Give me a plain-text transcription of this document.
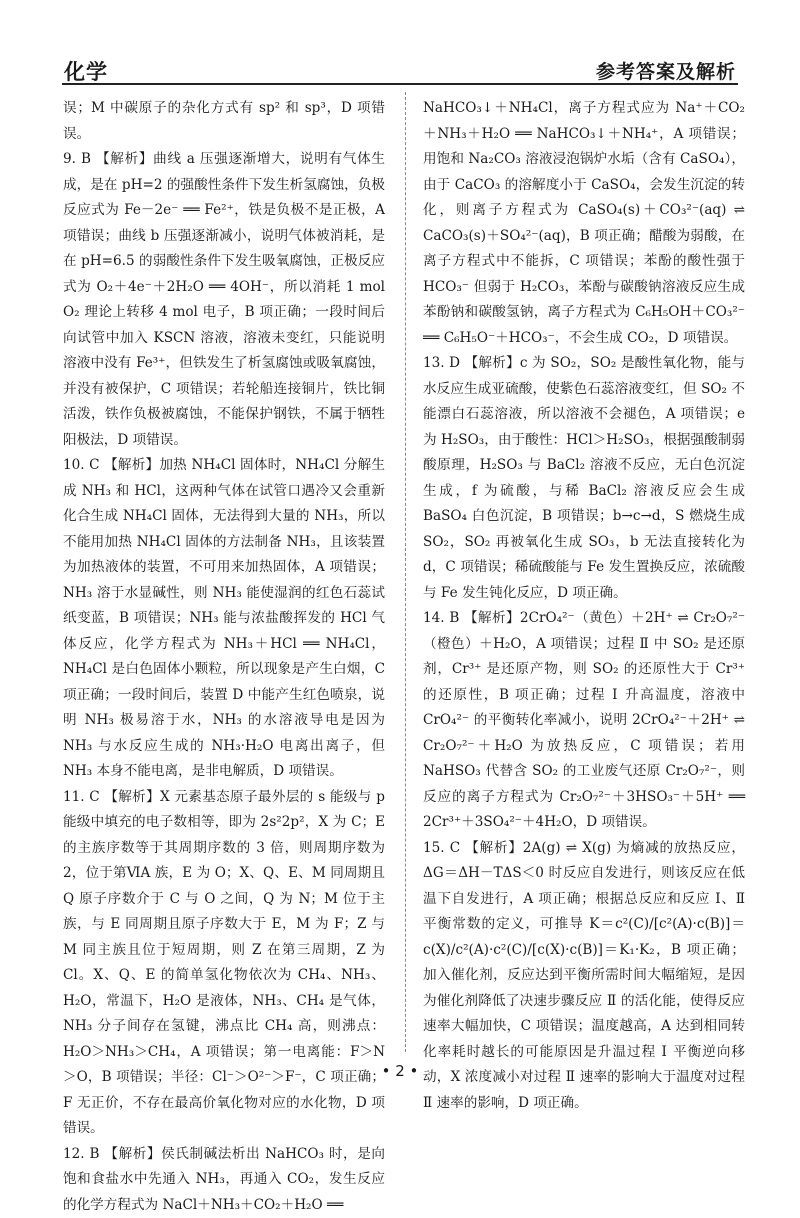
化学	参考答案及解析
误；M 中碳原子的杂化方式有 sp² 和 sp³，D 项错误。
9. B 【解析】曲线 a 压强逐渐增大，说明有气体生成，是在 pH=2 的强酸性条件下发生析氢腐蚀，负极反应式为 Fe－2e⁻ ══ Fe²⁺，铁是负极不是正极，A 项错误；曲线 b 压强逐渐减小，说明气体被消耗，是在 pH=6.5 的弱酸性条件下发生吸氧腐蚀，正极反应式为 O₂＋4e⁻＋2H₂O ══ 4OH⁻，所以消耗 1 mol O₂ 理论上转移 4 mol 电子，B 项正确；一段时间后向试管中加入 KSCN 溶液，溶液未变红，只能说明溶液中没有 Fe³⁺，但铁发生了析氢腐蚀或吸氧腐蚀，并没有被保护，C 项错误；若轮船连接铜片，铁比铜活泼，铁作负极被腐蚀，不能保护钢铁，不属于牺牲阳极法，D 项错误。
10. C 【解析】加热 NH₄Cl 固体时，NH₄Cl 分解生成 NH₃ 和 HCl，这两种气体在试管口遇冷又会重新化合生成 NH₄Cl 固体，无法得到大量的 NH₃，所以不能用加热 NH₄Cl 固体的方法制备 NH₃，且该装置为加热液体的装置，不可用来加热固体，A 项错误；NH₃ 溶于水显碱性，则 NH₃ 能使湿润的红色石蕊试纸变蓝，B 项错误；NH₃ 能与浓盐酸挥发的 HCl 气体反应，化学方程式为 NH₃＋HCl ══ NH₄Cl，NH₄Cl 是白色固体小颗粒，所以现象是产生白烟，C 项正确；一段时间后，装置 D 中能产生红色喷泉，说明 NH₃ 极易溶于水，NH₃ 的水溶液导电是因为 NH₃ 与水反应生成的 NH₃·H₂O 电离出离子，但 NH₃ 本身不能电离，是非电解质，D 项错误。
11. C 【解析】X 元素基态原子最外层的 s 能级与 p 能级中填充的电子数相等，即为 2s²2p²，X 为 C；E 的主族序数等于其周期序数的 3 倍，则周期序数为 2，位于第ⅥA 族，E 为 O；X、Q、E、M 同周期且 Q 原子序数介于 C 与 O 之间，Q 为 N；M 位于主族，与 E 同周期且原子序数大于 E，M 为 F；Z 与 M 同主族且位于短周期，则 Z 在第三周期，Z 为 Cl。X、Q、E 的简单氢化物依次为 CH₄、NH₃、H₂O，常温下，H₂O 是液体，NH₃、CH₄ 是气体，NH₃ 分子间存在氢键，沸点比 CH₄ 高，则沸点：H₂O＞NH₃＞CH₄，A 项错误；第一电离能：F＞N＞O，B 项错误；半径：Cl⁻＞O²⁻＞F⁻，C 项正确；F 无正价，不存在最高价氧化物对应的水化物，D 项错误。
12. B 【解析】侯氏制碱法析出 NaHCO₃ 时，是向饱和食盐水中先通入 NH₃，再通入 CO₂，发生反应的化学方程式为 NaCl＋NH₃＋CO₂＋H₂O ══
NaHCO₃↓＋NH₄Cl，离子方程式应为 Na⁺＋CO₂＋NH₃＋H₂O ══ NaHCO₃↓＋NH₄⁺，A 项错误；用饱和 Na₂CO₃ 溶液浸泡锅炉水垢（含有 CaSO₄），由于 CaCO₃ 的溶解度小于 CaSO₄，会发生沉淀的转化，则离子方程式为 CaSO₄(s)＋CO₃²⁻(aq) ⇌ CaCO₃(s)＋SO₄²⁻(aq)，B 项正确；醋酸为弱酸，在离子方程式中不能拆，C 项错误；苯酚的酸性强于 HCO₃⁻ 但弱于 H₂CO₃，苯酚与碳酸钠溶液反应生成苯酚钠和碳酸氢钠，离子方程式为 C₆H₅OH＋CO₃²⁻ ══ C₆H₅O⁻＋HCO₃⁻，不会生成 CO₂，D 项错误。
13. D 【解析】c 为 SO₂，SO₂ 是酸性氧化物，能与水反应生成亚硫酸，使紫色石蕊溶液变红，但 SO₂ 不能漂白石蕊溶液，所以溶液不会褪色，A 项错误；e 为 H₂SO₃，由于酸性：HCl＞H₂SO₃，根据强酸制弱酸原理，H₂SO₃ 与 BaCl₂ 溶液不反应，无白色沉淀生成，f 为硫酸，与稀 BaCl₂ 溶液反应会生成 BaSO₄ 白色沉淀，B 项错误；b→c→d，S 燃烧生成 SO₂，SO₂ 再被氧化生成 SO₃，b 无法直接转化为 d，C 项错误；稀硫酸能与 Fe 发生置换反应，浓硫酸与 Fe 发生钝化反应，D 项正确。
14. B 【解析】2CrO₄²⁻（黄色）＋2H⁺ ⇌ Cr₂O₇²⁻（橙色）＋H₂O，A 项错误；过程 Ⅱ 中 SO₂ 是还原剂，Cr³⁺ 是还原产物，则 SO₂ 的还原性大于 Cr³⁺ 的还原性，B 项正确；过程 Ⅰ 升高温度，溶液中 CrO₄²⁻ 的平衡转化率减小，说明 2CrO₄²⁻＋2H⁺ ⇌ Cr₂O₇²⁻＋H₂O 为放热反应，C 项错误；若用 NaHSO₃ 代替含 SO₂ 的工业废气还原 Cr₂O₇²⁻，则反应的离子方程式为 Cr₂O₇²⁻＋3HSO₃⁻＋5H⁺ ══ 2Cr³⁺＋3SO₄²⁻＋4H₂O，D 项错误。
15. C 【解析】2A(g) ⇌ X(g) 为熵减的放热反应，ΔG＝ΔH－TΔS＜0 时反应自发进行，则该反应在低温下自发进行，A 项正确；根据总反应和反应 Ⅰ、Ⅱ 平衡常数的定义，可推导 K＝c²(C)/[c²(A)·c(B)]＝c(X)/c²(A)·c²(C)/[c(X)·c(B)]＝K₁·K₂，B 项正确；加入催化剂，反应达到平衡所需时间大幅缩短，是因为催化剂降低了决速步骤反应 Ⅱ 的活化能，使得反应速率大幅加快，C 项错误；温度越高，A 达到相同转化率耗时越长的可能原因是升温过程 Ⅰ 平衡逆向移动，X 浓度减小对过程 Ⅱ 速率的影响大于温度对过程 Ⅱ 速率的影响，D 项正确。
• 2 •
